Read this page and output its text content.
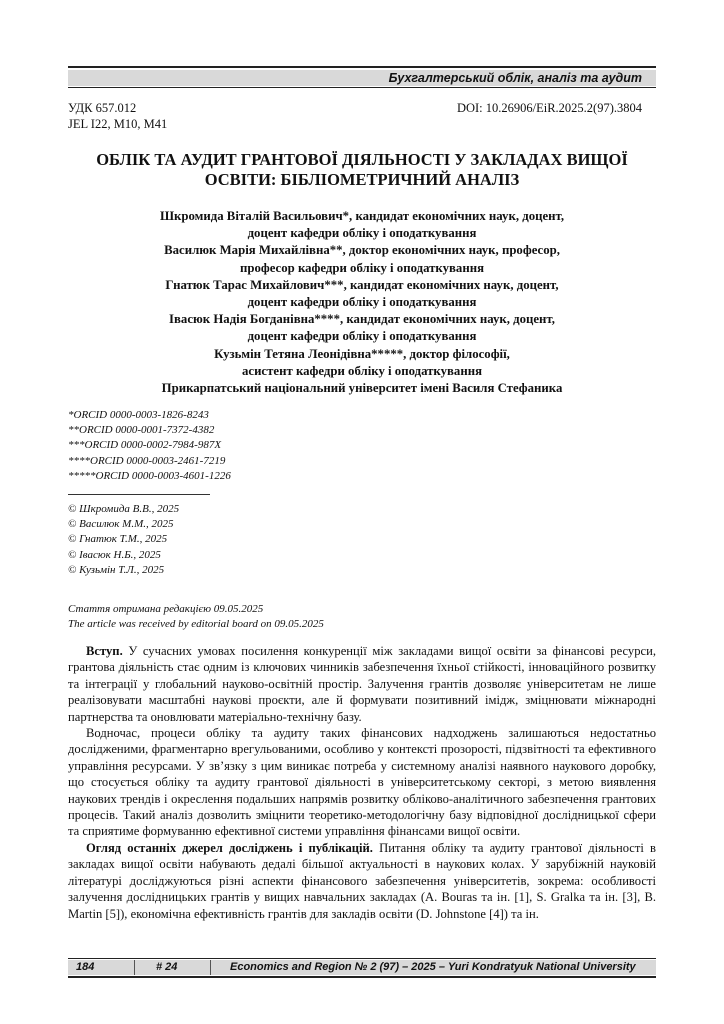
Бухгалтерський облік, аналіз та аудит
УДК 657.012
JEL I22, M10, M41
DOI: 10.26906/EiR.2025.2(97).3804
ОБЛІК ТА АУДИТ ГРАНТОВОЇ ДІЯЛЬНОСТІ У ЗАКЛАДАХ ВИЩОЇ
ОСВІТИ: БІБЛІОМЕТРИЧНИЙ АНАЛІЗ
Шкромида Віталій Васильович*, кандидат економічних наук, доцент,
доцент кафедри обліку і оподаткування
Василюк Марія Михайлівна**, доктор економічних наук, професор,
професор кафедри обліку і оподаткування
Гнатюк Тарас Михайлович***, кандидат економічних наук, доцент,
доцент кафедри обліку і оподаткування
Івасюк Надія Богданівна****, кандидат економічних наук, доцент,
доцент кафедри обліку і оподаткування
Кузьмін Тетяна Леонідівна*****, доктор філософії,
асистент кафедри обліку і оподаткування
Прикарпатський національний університет імені Василя Стефаника
*ORCID 0000-0003-1826-8243
**ORCID 0000-0001-7372-4382
***ORCID 0000-0002-7984-987X
****ORCID 0000-0003-2461-7219
*****ORCID 0000-0003-4601-1226
© Шкромида В.В., 2025
© Василюк М.М., 2025
© Гнатюк Т.М., 2025
© Івасюк Н.Б., 2025
© Кузьмін Т.Л., 2025
Стаття отримана редакцією 09.05.2025
The article was received by editorial board on 09.05.2025

Вступ. У сучасних умовах посилення конкуренції між закладами вищої освіти за фінансові ресурси, грантова діяльність стає одним із ключових чинників забезпечення їхньої стійкості, інноваційного розвитку та інтеграції у глобальний науково-освітній простір. Залучення грантів дозволяє університетам не лише реалізовувати масштабні наукові проєкти, але й формувати позитивний імідж, зміцнювати міжнародні партнерства та оновлювати матеріально-технічну базу.

Водночас, процеси обліку та аудиту таких фінансових надходжень залишаються недостатньо дослідженими, фрагментарно врегульованими, особливо у контексті прозорості, підзвітності та ефективного управління ресурсами. У зв’язку з цим виникає потреба у системному аналізі наявного наукового доробку, що стосується обліку та аудиту грантової діяльності в університетському секторі, з метою виявлення наукових трендів і окреслення подальших напрямів розвитку обліково-аналітичного забезпечення грантових процесів. Такий аналіз дозволить зміцнити теоретико-методологічну базу відповідної дослідницької сфери та сприятиме формуванню ефективної системи управління фінансами вищої освіти.

Огляд останніх джерел досліджень і публікацій. Питання обліку та аудиту грантової діяльності в закладах вищої освіти набувають дедалі більшої актуальності в наукових колах. У зарубіжній науковій літературі досліджуються різні аспекти фінансового забезпечення університетів, зокрема: особливості залучення дослідницьких грантів у вищих навчальних закладах (A. Bouras та ін. [1], S. Gralka та ін. [3], B. Martin [5]), економічна ефективність грантів для закладів освіти (D. Johnstone [4]) та ін.

184	# 24	Economics and Region № 2 (97) – 2025 – Yuri Kondratyuk National University
